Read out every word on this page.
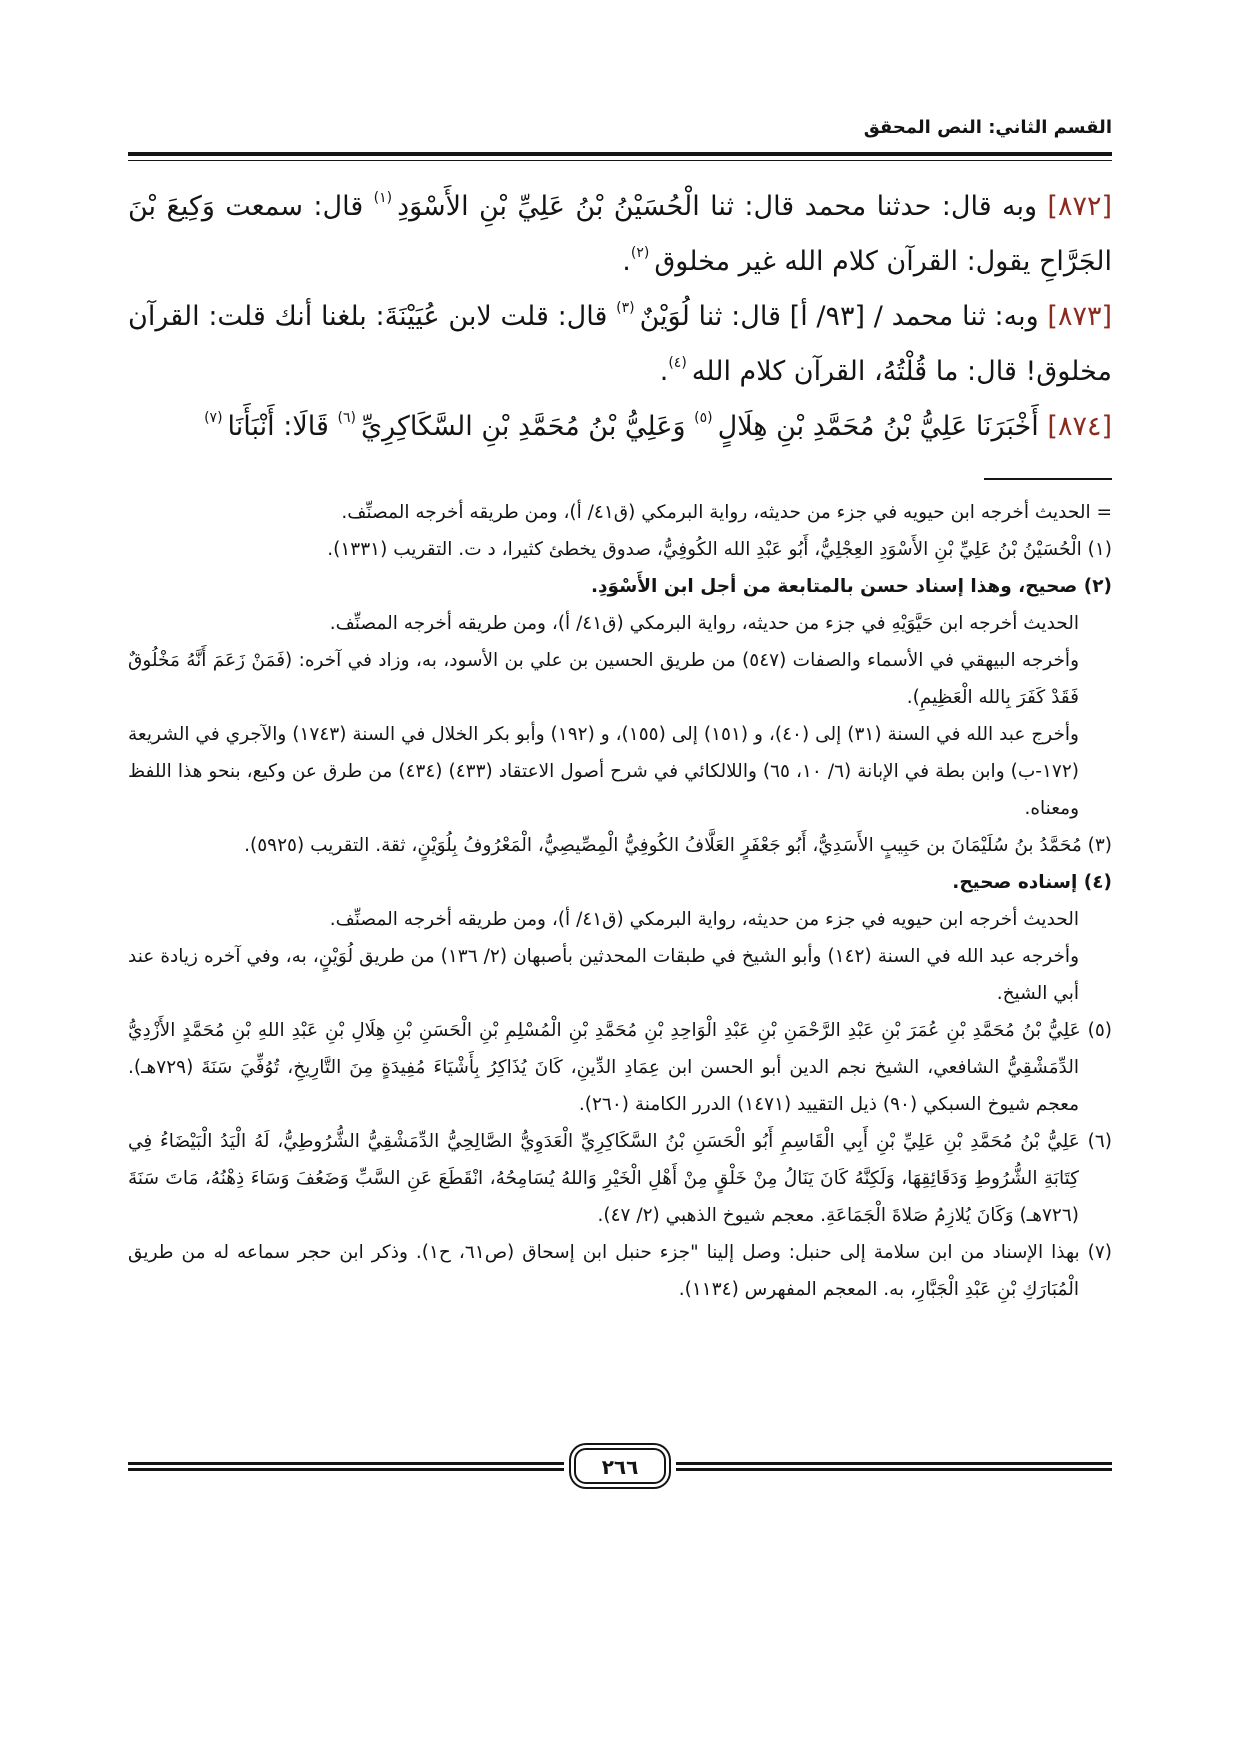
القسم الثاني: النص المحقق

[٨٧٢] وبه قال: حدثنا محمد قال: ثنا الْحُسَيْنُ بْنُ عَلِيِّ بْنِ الأَسْوَدِ$^{(١)}$ قال: سمعت وَكِيعَ بْنَ الجَرَّاحِ يقول: القرآن كلام الله غير مخلوق$^{(٢)}$.

[٨٧٣] وبه: ثنا محمد / [٩٣/ أ] قال: ثنا لُوَيْنٌ$^{(٣)}$ قال: قلت لابن عُيَيْنَةَ: بلغنا أنك قلت: القرآن مخلوق! قال: ما قُلْتُهُ، القرآن كلام الله$^{(٤)}$.

[٨٧٤] أَخْبَرَنَا عَلِيُّ بْنُ مُحَمَّدِ بْنِ هِلَالٍ$^{(٥)}$ وَعَلِيُّ بْنُ مُحَمَّدِ بْنِ السَّكَاكِرِيِّ$^{(٦)}$ قَالَا: أَنْبَأَنَا$^{(٧)}$

= الحديث أخرجه ابن حيويه في جزء من حديثه، رواية البرمكي (ق٤١/ أ)، ومن طريقه أخرجه المصنِّف.

(١) الْحُسَيْنُ بْنُ عَلِيِّ بْنِ الأَسْوَدِ العِجْلِيُّ، أَبُو عَبْدِ الله الكُوفِيُّ، صدوق يخطئ كثيرا، د ت. التقريب (١٣٣١).

(٢) صحيح، وهذا إسناد حسن بالمتابعة من أجل ابن الأَسْوَدِ.

الحديث أخرجه ابن حَيَّوَيْهِ في جزء من حديثه، رواية البرمكي (ق٤١/ أ)، ومن طريقه أخرجه المصنِّف.

وأخرجه البيهقي في الأسماء والصفات (٥٤٧) من طريق الحسين بن علي بن الأسود، به، وزاد في آخره: (فَمَنْ زَعَمَ أَنَّهُ مَخْلُوقٌ فَقَدْ كَفَرَ بِالله الْعَظِيمِ).

وأخرج عبد الله في السنة (٣١) إلى (٤٠)، و (١٥١) إلى (١٥٥)، و (١٩٢) وأبو بكر الخلال في السنة (١٧٤٣) والآجري في الشريعة (١٧٢-ب) وابن بطة في الإبانة (٦/ ١٠، ٦٥) واللالكائي في شرح أصول الاعتقاد (٤٣٣) (٤٣٤) من طرق عن وكيع، بنحو هذا اللفظ ومعناه.

(٣) مُحَمَّدُ بنُ سُلَيْمَانَ بن حَبِيبٍ الأَسَدِيُّ، أَبُو جَعْفَرٍ العَلَّافُ الكُوفِيُّ الْمِصِّيصِيُّ، الْمَعْرُوفُ بِلُوَيْنٍ، ثقة. التقريب (٥٩٢٥).

(٤) إسناده صحيح.

الحديث أخرجه ابن حيويه في جزء من حديثه، رواية البرمكي (ق٤١/ أ)، ومن طريقه أخرجه المصنِّف.

وأخرجه عبد الله في السنة (١٤٢) وأبو الشيخ في طبقات المحدثين بأصبهان (٢/ ١٣٦) من طريق لُوَيْنٍ، به، وفي آخره زيادة عند أبي الشيخ.

(٥) عَلِيُّ بْنُ مُحَمَّدِ بْنِ عُمَرَ بْنِ عَبْدِ الرَّحْمَنِ بْنِ عَبْدِ الْوَاحِدِ بْنِ مُحَمَّدِ بْنِ الْمُسْلِمِ بْنِ الْحَسَنِ بْنِ هِلَالِ بْنِ عَبْدِ اللهِ بْنِ مُحَمَّدٍ الأَزْدِيُّ الدِّمَشْقِيُّ الشافعي، الشيخ نجم الدين أبو الحسن ابن عِمَادِ الدِّينِ، كَانَ يُذَاكِرُ بِأَشْيَاءَ مُفِيدَةٍ مِنَ التَّارِيخِ، تُوُفِّيَ سَنَةَ (٧٢٩هـ). معجم شيوخ السبكي (٩٠) ذيل التقييد (١٤٧١) الدرر الكامنة (٢٦٠).

(٦) عَلِيُّ بْنُ مُحَمَّدِ بْنِ عَلِيِّ بْنِ أَبِي الْقَاسِمِ أَبُو الْحَسَنِ بْنُ السَّكَاكِرِيِّ الْعَدَوِيُّ الصَّالِحِيُّ الدِّمَشْقِيُّ الشُّرُوطِيُّ، لَهُ الْيَدُ الْبَيْضَاءُ فِي كِتَابَةِ الشُّرُوطِ وَدَقَائِقِهَا، وَلَكِنَّهُ كَانَ يَنَالُ مِنْ خَلْقٍ مِنْ أَهْلِ الْخَيْرِ وَاللهُ يُسَامِحُهُ، انْقَطَعَ عَنِ السَّبِّ وَضَعُفَ وَسَاءَ ذِهْنُهُ، مَاتَ سَنَةَ (٧٢٦هـ) وَكَانَ يُلازِمُ صَلاةَ الْجَمَاعَةِ. معجم شيوخ الذهبي (٢/ ٤٧).

(٧) بهذا الإسناد من ابن سلامة إلى حنبل: وصل إلينا "جزء حنبل ابن إسحاق (ص٦١، ح١). وذكر ابن حجر سماعه له من طريق الْمُبَارَكِ بْنِ عَبْدِ الْجَبَّارِ، به. المعجم المفهرس (١١٣٤).

٢٦٦
